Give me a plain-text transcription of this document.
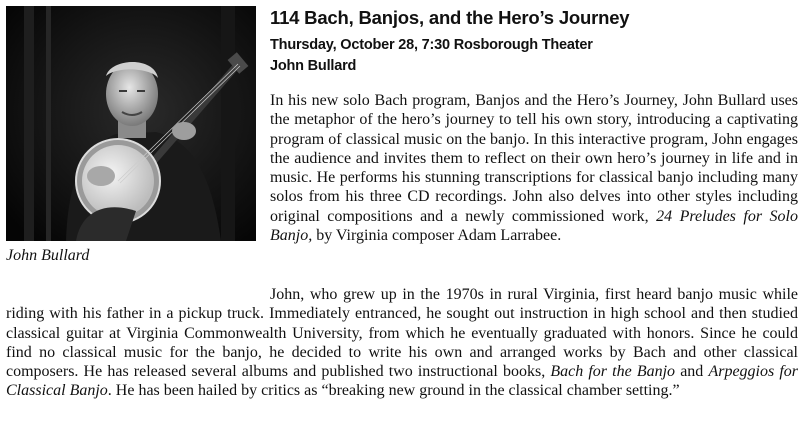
John Bullard
114 Bach, Banjos, and the Hero’s Journey
Thursday, October 28, 7:30 Rosborough Theater
John Bullard

In his new solo Bach program, Banjos and the Hero’s Journey, John Bullard uses the metaphor of the hero’s journey to tell his own story, introducing a captivating program of classical music on the banjo. In this interactive program, John engages the audience and invites them to reflect on their own hero’s journey in life and in music. He performs his stunning transcriptions for classical banjo including many solos from his three CD recordings. John also delves into other styles including original compositions and a newly commissioned work, 24 Preludes for Solo Banjo, by Virginia composer Adam Larrabee.

John, who grew up in the 1970s in rural Virginia, first heard banjo music while riding with his father in a pickup truck. Immediately entranced, he sought out instruction in high school and then studied classical guitar at Virginia Commonwealth University, from which he eventually graduated with honors. Since he could find no classical music for the banjo, he decided to write his own and arranged works by Bach and other classical composers. He has released several albums and published two instructional books, Bach for the Banjo and Arpeggios for Classical Banjo. He has been hailed by critics as “breaking new ground in the classical chamber setting.”
